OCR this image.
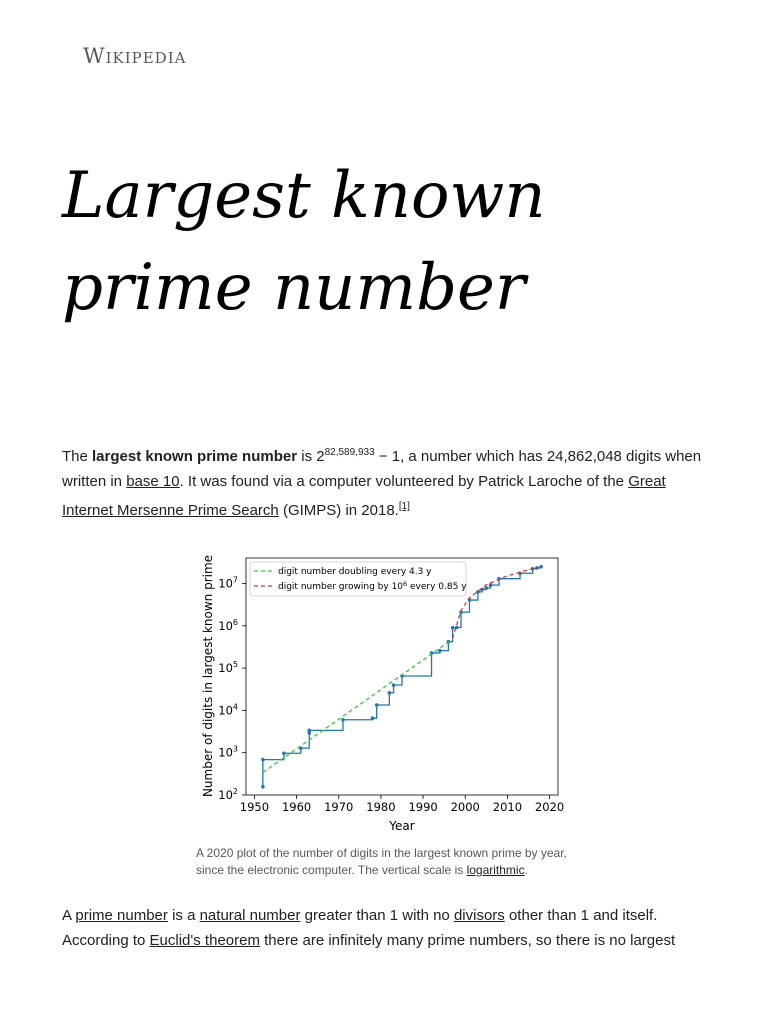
Wikipedia
Largest known
prime number

The largest known prime number is $2^{82,589,933} - 1$, a number which has 24,862,048 digits when written in base 10. It was found via a computer volunteered by Patrick Laroche of the Great Internet Mersenne Prime Search (GIMPS) in 2018.[1]

1950 1960 1970 1980 1990 2000 2010 2020
$10^2$
$10^3$
$10^4$
$10^5$
$10^6$
$10^7$
digit number doubling every 4.3 y
digit number growing by $10^6$ every 0.85 y
Year
Number of digits in largest known prime
A 2020 plot of the number of digits in the largest known prime by year, since the electronic computer. The vertical scale is logarithmic.

A prime number is a natural number greater than 1 with no divisors other than 1 and itself. According to Euclid's theorem there are infinitely many prime numbers, so there is no largest
